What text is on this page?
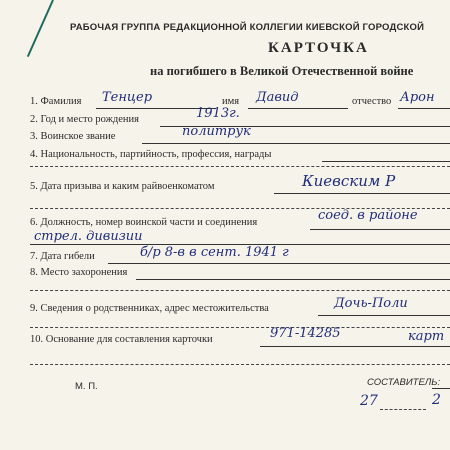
РАБОЧАЯ ГРУППА РЕДАКЦИОННОЙ КОЛЛЕГИИ КИЕВСКОЙ ГОРОДСКОЙ
КАРТОЧКА
на погибшего в Великой Отечественной войне
1. Фамилия Тенцер	имя Давид	отчество Арон
2. Год и место рождения	1913г.
3. Воинское звание	политрук
4. Национальность, партийность, профессия, награды
5. Дата призыва и каким райвоенкоматом	Киевским Р
6. Должность, номер воинской части и соединения	соед. в районе
стрел. дивизии
7. Дата гибели	б/р 8-в в сент. 1941 г
8. Место захоронения
9. Сведения о родственниках, адрес местожительства	Дочь-Поли
10. Основание для составления карточки	971-14285	карт
М. П.	СОСТАВИТЕЛЬ:
27	2
